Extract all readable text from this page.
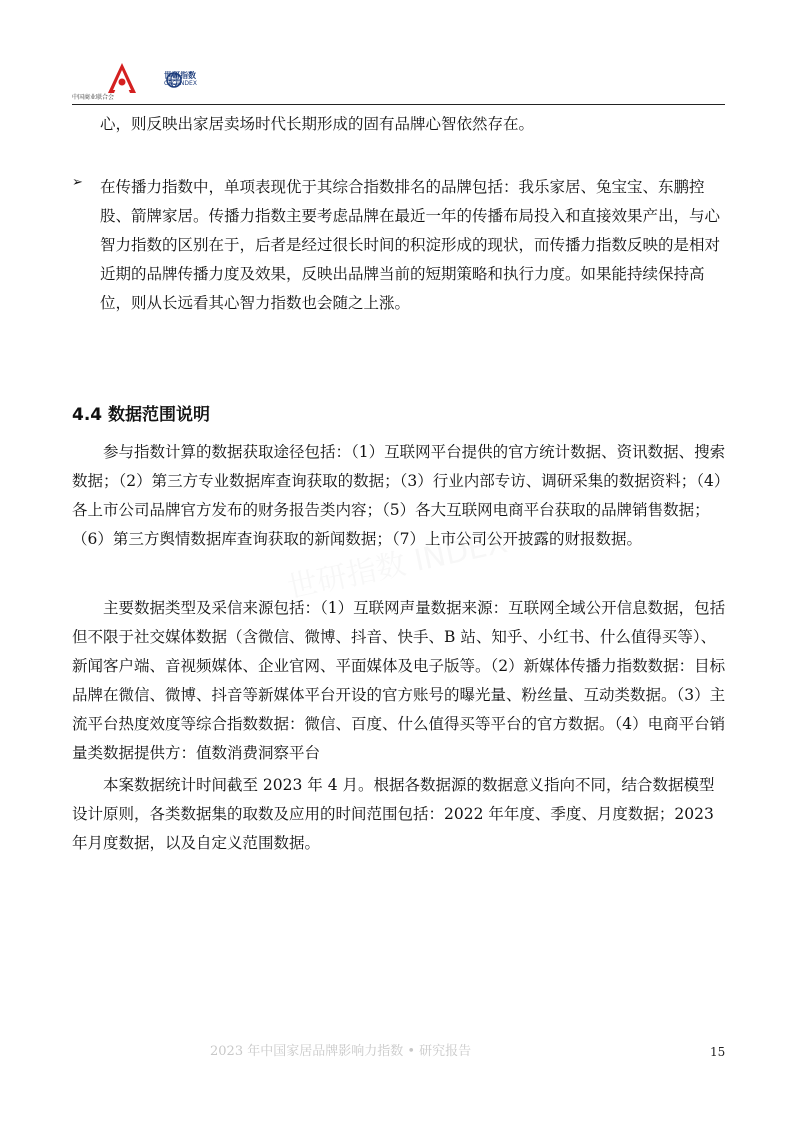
中国商业联合会
世研指数
CRC INDEX

心，则反映出家居卖场时代长期形成的固有品牌心智依然存在。

➢ 在传播力指数中，单项表现优于其综合指数排名的品牌包括：我乐家居、兔宝宝、东鹏控股、箭牌家居。传播力指数主要考虑品牌在最近一年的传播布局投入和直接效果产出，与心智力指数的区别在于，后者是经过很长时间的积淀形成的现状，而传播力指数反映的是相对近期的品牌传播力度及效果，反映出品牌当前的短期策略和执行力度。如果能持续保持高位，则从长远看其心智力指数也会随之上涨。

4.4 数据范围说明

参与指数计算的数据获取途径包括：（1）互联网平台提供的官方统计数据、资讯数据、搜索数据；（2）第三方专业数据库查询获取的数据；（3）行业内部专访、调研采集的数据资料；（4）各上市公司品牌官方发布的财务报告类内容；（5）各大互联网电商平台获取的品牌销售数据；（6）第三方舆情数据库查询获取的新闻数据；（7）上市公司公开披露的财报数据。

主要数据类型及采信来源包括：（1）互联网声量数据来源：互联网全域公开信息数据，包括但不限于社交媒体数据（含微信、微博、抖音、快手、B 站、知乎、小红书、什么值得买等）、新闻客户端、音视频媒体、企业官网、平面媒体及电子版等。（2）新媒体传播力指数数据：目标品牌在微信、微博、抖音等新媒体平台开设的官方账号的曝光量、粉丝量、互动类数据。（3）主流平台热度效度等综合指数数据：微信、百度、什么值得买等平台的官方数据。（4）电商平台销量类数据提供方：值数消费洞察平台

本案数据统计时间截至 2023 年 4 月。根据各数据源的数据意义指向不同，结合数据模型设计原则，各类数据集的取数及应用的时间范围包括：2022 年年度、季度、月度数据；2023 年月度数据，以及自定义范围数据。

2023 年中国家居品牌影响力指数 • 研究报告	15
